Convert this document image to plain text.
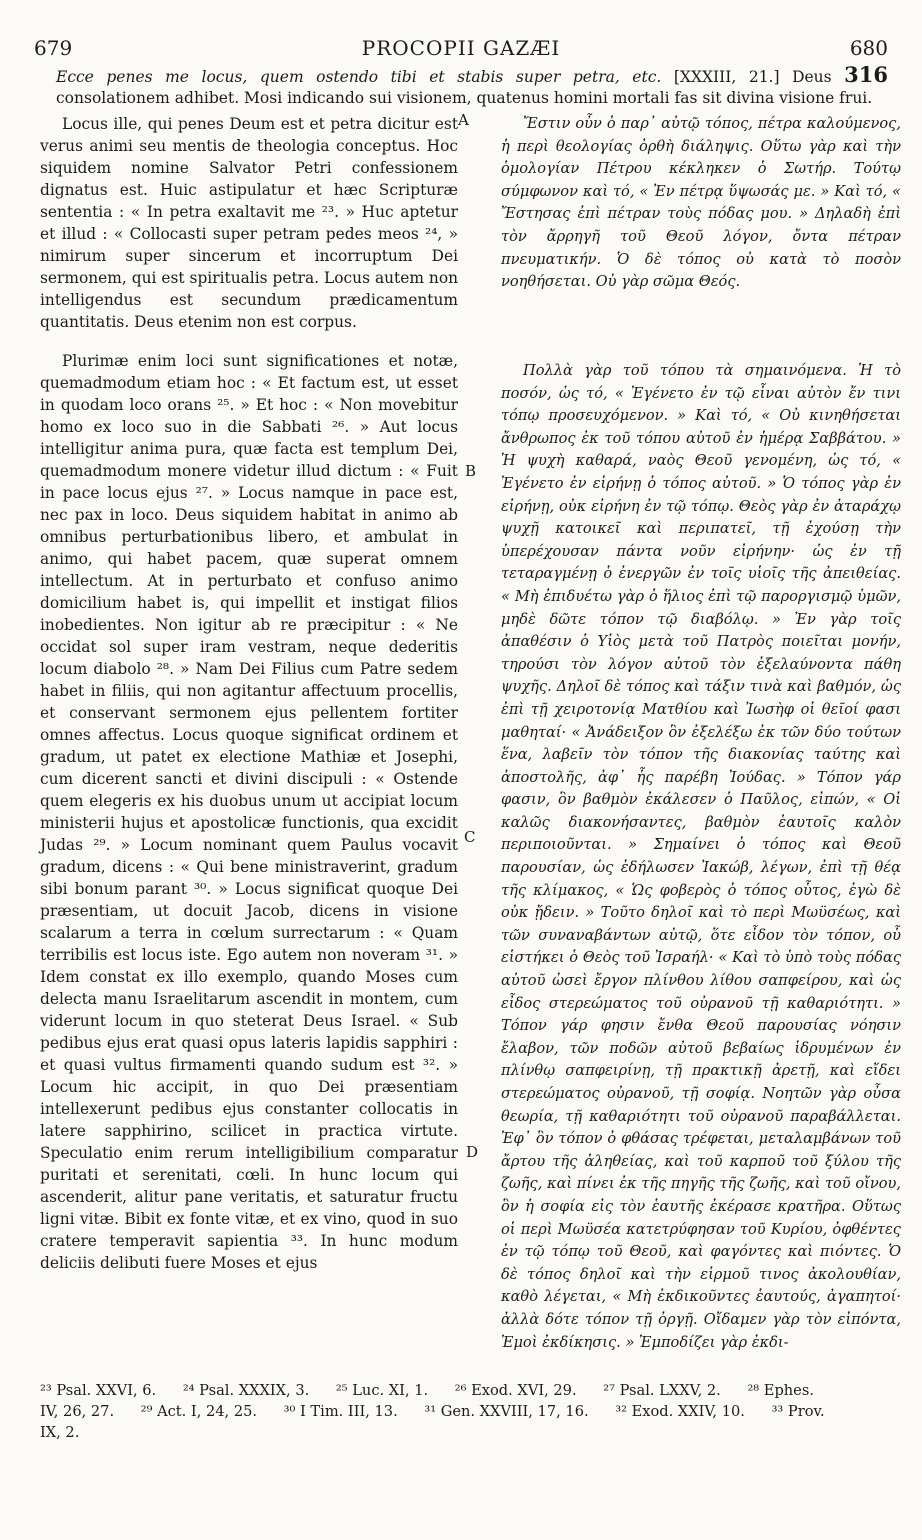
679	PROCOPII GAZÆI	680
Ecce penes me locus, quem ostendo tibi et stabis super petra, etc. [XXXIII, 21.] Deus 316 consolationem adhibet. Mosi indicando sui visionem, quatenus homini mortali fas sit divina visione frui.

Locus ille, qui penes Deum est et petra dicitur est verus animi seu mentis de theologia conceptus. Hoc siquidem nomine Salvator Petri confessionem dignatus est. Huic astipulatur et hæc Scripturæ sententia : « In petra exaltavit me ²³. » Huc aptetur et illud : « Collocasti super petram pedes meos ²⁴, » nimirum super sincerum et incorruptum Dei sermonem, qui est spiritualis petra. Locus autem non intelligendus est secundum prædicamentum quantitatis. Deus etenim non est corpus.

Plurimæ enim loci sunt significationes et notæ, quemadmodum etiam hoc : « Et factum est, ut esset in quodam loco orans ²⁵. » Et hoc : « Non movebitur homo ex loco suo in die Sabbati ²⁶. » Aut locus intelligitur anima pura, quæ facta est templum Dei, quemadmodum monere videtur illud dictum : « Fuit in pace locus ejus ²⁷. » Locus namque in pace est, nec pax in loco. Deus siquidem habitat in animo ab omnibus perturbationibus libero, et ambulat in animo, qui habet pacem, quæ superat omnem intellectum. At in perturbato et confuso animo domicilium habet is, qui impellit et instigat filios inobedientes. Non igitur ab re præcipitur : « Ne occidat sol super iram vestram, neque dederitis locum diabolo ²⁸. » Nam Dei Filius cum Patre sedem habet in filiis, qui non agitantur affectuum procellis, et conservant sermonem ejus pellentem fortiter omnes affectus. Locus quoque significat ordinem et gradum, ut patet ex electione Mathiæ et Josephi, cum dicerent sancti et divini discipuli : « Ostende quem elegeris ex his duobus unum ut accipiat locum ministerii hujus et apostolicæ functionis, qua excidit Judas ²⁹. » Locum nominant quem Paulus vocavit gradum, dicens : « Qui bene ministraverint, gradum sibi bonum parant ³⁰. » Locus significat quoque Dei præsentiam, ut docuit Jacob, dicens in visione scalarum a terra in cœlum surrectarum : « Quam terribilis est locus iste. Ego autem non noveram ³¹. » Idem constat ex illo exemplo, quando Moses cum delecta manu Israelitarum ascendit in montem, cum viderunt locum in quo steterat Deus Israel. « Sub pedibus ejus erat quasi opus lateris lapidis sapphiri : et quasi vultus firmamenti quando sudum est ³². » Locum hic accipit, in quo Dei præsentiam intellexerunt pedibus ejus constanter collocatis in latere sapphirino, scilicet in practica virtute. Speculatio enim rerum intelligibilium comparatur puritati et serenitati, cœli. In hunc locum qui ascenderit, alitur pane veritatis, et saturatur fructu ligni vitæ. Bibit ex fonte vitæ, et ex vino, quod in suo cratere temperavit sapientia ³³. In hunc modum deliciis delibuti fuere Moses et ejus

A
B
C
D

Ἔστιν οὖν ὁ παρ᾽ αὐτῷ τόπος, πέτρα καλούμενος, ἡ περὶ θεολογίας ὀρθὴ διάληψις. Οὕτω γὰρ καὶ τὴν ὁμολογίαν Πέτρου κέκληκεν ὁ Σωτήρ. Τούτῳ σύμφωνον καὶ τό, « Ἐν πέτρᾳ ὕψωσάς με. » Καὶ τό, « Ἔστησας ἐπὶ πέτραν τοὺς πόδας μου. » Δηλαδὴ ἐπὶ τὸν ἄρρηγῆ τοῦ Θεοῦ λόγον, ὄντα πέτραν πνευματικήν. Ὁ δὲ τόπος οὐ κατὰ τὸ ποσὸν νοηθήσεται. Οὐ γὰρ σῶμα Θεός.

Πολλὰ γὰρ τοῦ τόπου τὰ σημαινόμενα. Ἡ τὸ ποσόν, ὡς τό, « Ἐγένετο ἐν τῷ εἶναι αὐτὸν ἔν τινι τόπῳ προσευχόμενον. » Καὶ τό, « Οὐ κινηθήσεται ἄνθρωπος ἐκ τοῦ τόπου αὐτοῦ ἐν ἡμέρᾳ Σαββάτου. » Ἡ ψυχὴ καθαρά, ναὸς Θεοῦ γενομένη, ὡς τό, « Ἐγένετο ἐν εἰρήνῃ ὁ τόπος αὐτοῦ. » Ὁ τόπος γὰρ ἐν εἰρήνῃ, οὐκ εἰρήνη ἐν τῷ τόπῳ. Θεὸς γὰρ ἐν ἀταράχῳ ψυχῇ κατοικεῖ καὶ περιπατεῖ, τῇ ἐχούσῃ τὴν ὑπερέχουσαν πάντα νοῦν εἰρήνην· ὡς ἐν τῇ τεταραγμένῃ ὁ ἐνεργῶν ἐν τοῖς υἱοῖς τῆς ἀπειθείας. « Μὴ ἐπιδυέτω γὰρ ὁ ἥλιος ἐπὶ τῷ παροργισμῷ ὑμῶν, μηδὲ δῶτε τόπον τῷ διαβόλῳ. » Ἐν γὰρ τοῖς ἀπαθέσιν ὁ Υἱὸς μετὰ τοῦ Πατρὸς ποιεῖται μονήν, τηρούσι τὸν λόγον αὐτοῦ τὸν ἐξελαύνοντα πάθη ψυχῆς. Δηλοῖ δὲ τόπος καὶ τάξιν τινὰ καὶ βαθμόν, ὡς ἐπὶ τῇ χειροτονίᾳ Ματθίου καὶ Ἰωσὴφ οἱ θεῖοί φασι μαθηταί· « Ἀνάδειξον ὃν ἐξελέξω ἐκ τῶν δύο τούτων ἕνα, λαβεῖν τὸν τόπον τῆς διακονίας ταύτης καὶ ἀποστολῆς, ἀφ᾽ ἧς παρέβη Ἰούδας. » Τόπον γάρ φασιν, ὃν βαθμὸν ἐκάλεσεν ὁ Παῦλος, εἰπών, « Οἱ καλῶς διακονήσαντες, βαθμὸν ἑαυτοῖς καλὸν περιποιοῦνται. » Σημαίνει ὁ τόπος καὶ Θεοῦ παρουσίαν, ὡς ἐδήλωσεν Ἰακώβ, λέγων, ἐπὶ τῇ θέᾳ τῆς κλίμακος, « Ὡς φοβερὸς ὁ τόπος οὗτος, ἐγὼ δὲ οὐκ ᾔδειν. » Τοῦτο δηλοῖ καὶ τὸ περὶ Μωϋσέως, καὶ τῶν συναναβάντων αὐτῷ, ὅτε εἶδον τὸν τόπον, οὗ εἱστήκει ὁ Θεὸς τοῦ Ἰσραήλ· « Καὶ τὸ ὑπὸ τοὺς πόδας αὐτοῦ ὡσεὶ ἔργον πλίνθου λίθου σαπφείρου, καὶ ὡς εἶδος στερεώματος τοῦ οὐρανοῦ τῇ καθαριότητι. » Τόπον γάρ φησιν ἔνθα Θεοῦ παρουσίας νόησιν ἔλαβον, τῶν ποδῶν αὐτοῦ βεβαίως ἱδρυμένων ἐν πλίνθῳ σαπφειρίνῃ, τῇ πρακτικῇ ἀρετῇ, καὶ εἴδει στερεώματος οὐρανοῦ, τῇ σοφίᾳ. Νοητῶν γὰρ οὖσα θεωρία, τῇ καθαριότητι τοῦ οὐρανοῦ παραβάλλεται. Ἐφ᾽ ὃν τόπον ὁ φθάσας τρέφεται, μεταλαμβάνων τοῦ ἄρτου τῆς ἀληθείας, καὶ τοῦ καρποῦ τοῦ ξύλου τῆς ζωῆς, καὶ πίνει ἐκ τῆς πηγῆς τῆς ζωῆς, καὶ τοῦ οἴνου, ὃν ἡ σοφία εἰς τὸν ἑαυτῆς ἐκέρασε κρατῆρα. Οὕτως οἱ περὶ Μωϋσέα κατετρύφησαν τοῦ Κυρίου, ὀφθέντες ἐν τῷ τόπῳ τοῦ Θεοῦ, καὶ φαγόντες καὶ πιόντες. Ὁ δὲ τόπος δηλοῖ καὶ τὴν εἱρμοῦ τινος ἀκολουθίαν, καθὸ λέγεται, « Μὴ ἐκδικοῦντες ἑαυτούς, ἀγαπητοί· ἀλλὰ δότε τόπον τῇ ὀργῇ. Οἴδαμεν γὰρ τὸν εἰπόντα, Ἐμοὶ ἐκδίκησις. » Ἐμποδίζει γὰρ ἐκδι-

²³ Psal. XXVI, 6. ²⁴ Psal. XXXIX, 3. ²⁵ Luc. XI, 1. ²⁶ Exod. XVI, 29. ²⁷ Psal. LXXV, 2. ²⁸ Ephes.
IV, 26, 27. ²⁹ Act. I, 24, 25. ³⁰ I Tim. III, 13. ³¹ Gen. XXVIII, 17, 16. ³² Exod. XXIV, 10. ³³ Prov.
IX, 2.
